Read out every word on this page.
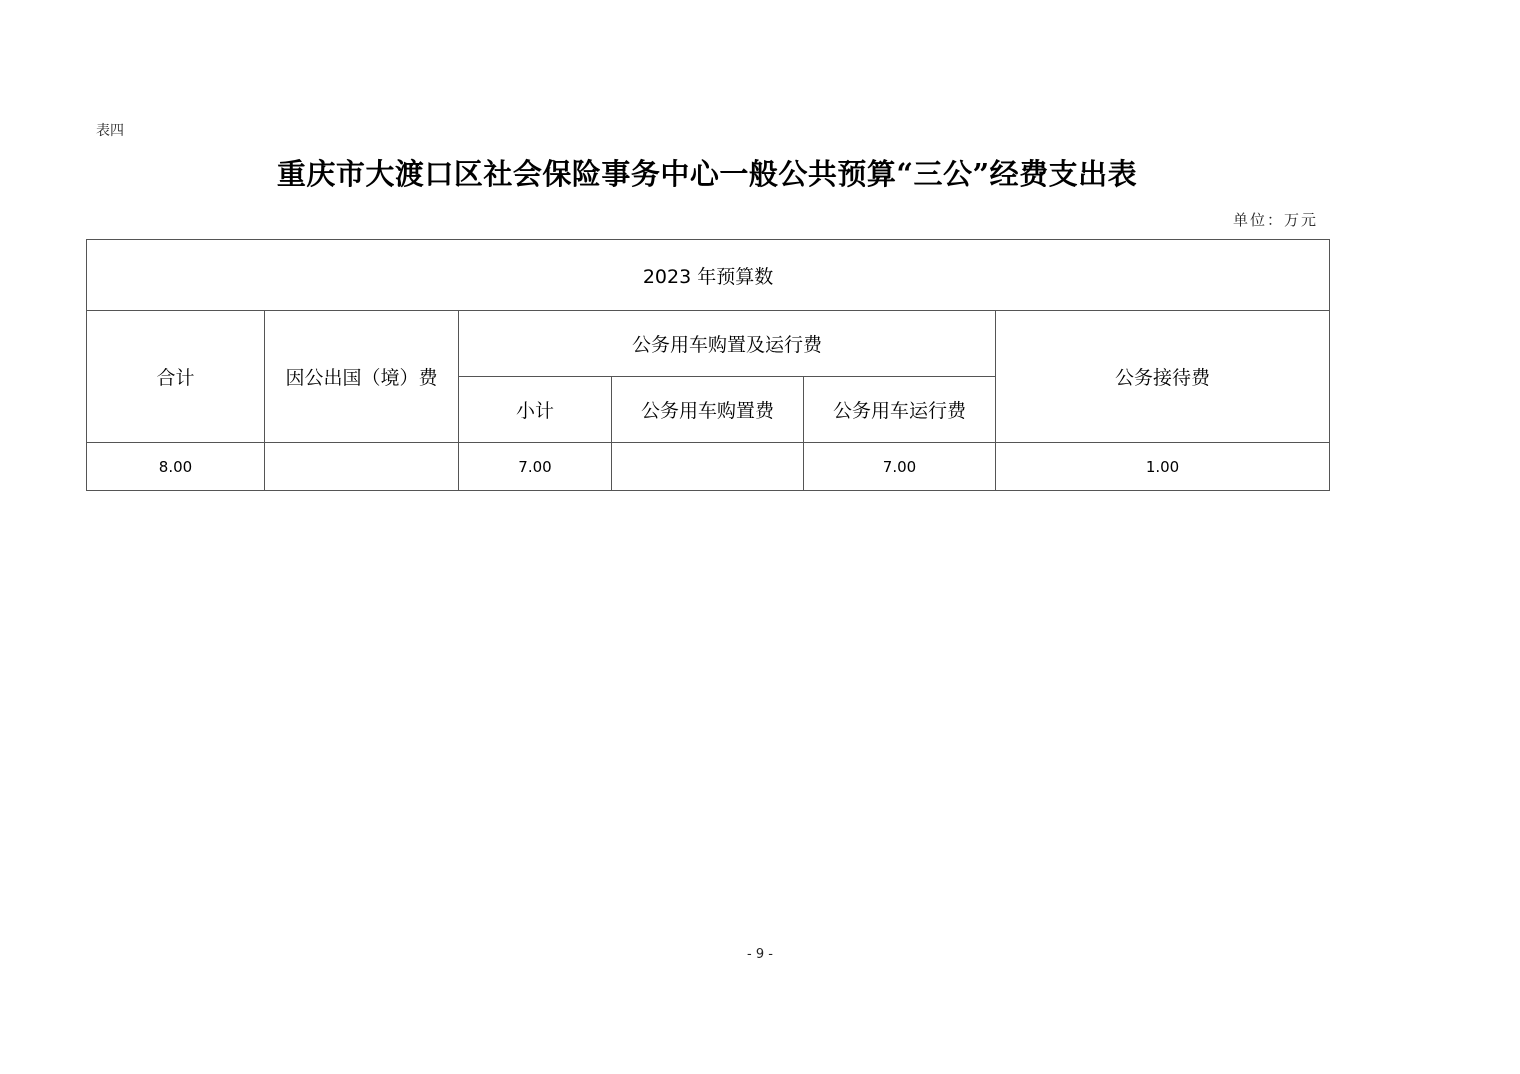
表四
重庆市大渡口区社会保险事务中心一般公共预算“三公”经费支出表
单位：万元
2023 年预算数					
合计	因公出国（境）费	公务用车购置及运行费			公务接待费
		小计	公务用车购置费	公务用车运行费	
8.00		7.00		7.00	1.00
- 9 -
